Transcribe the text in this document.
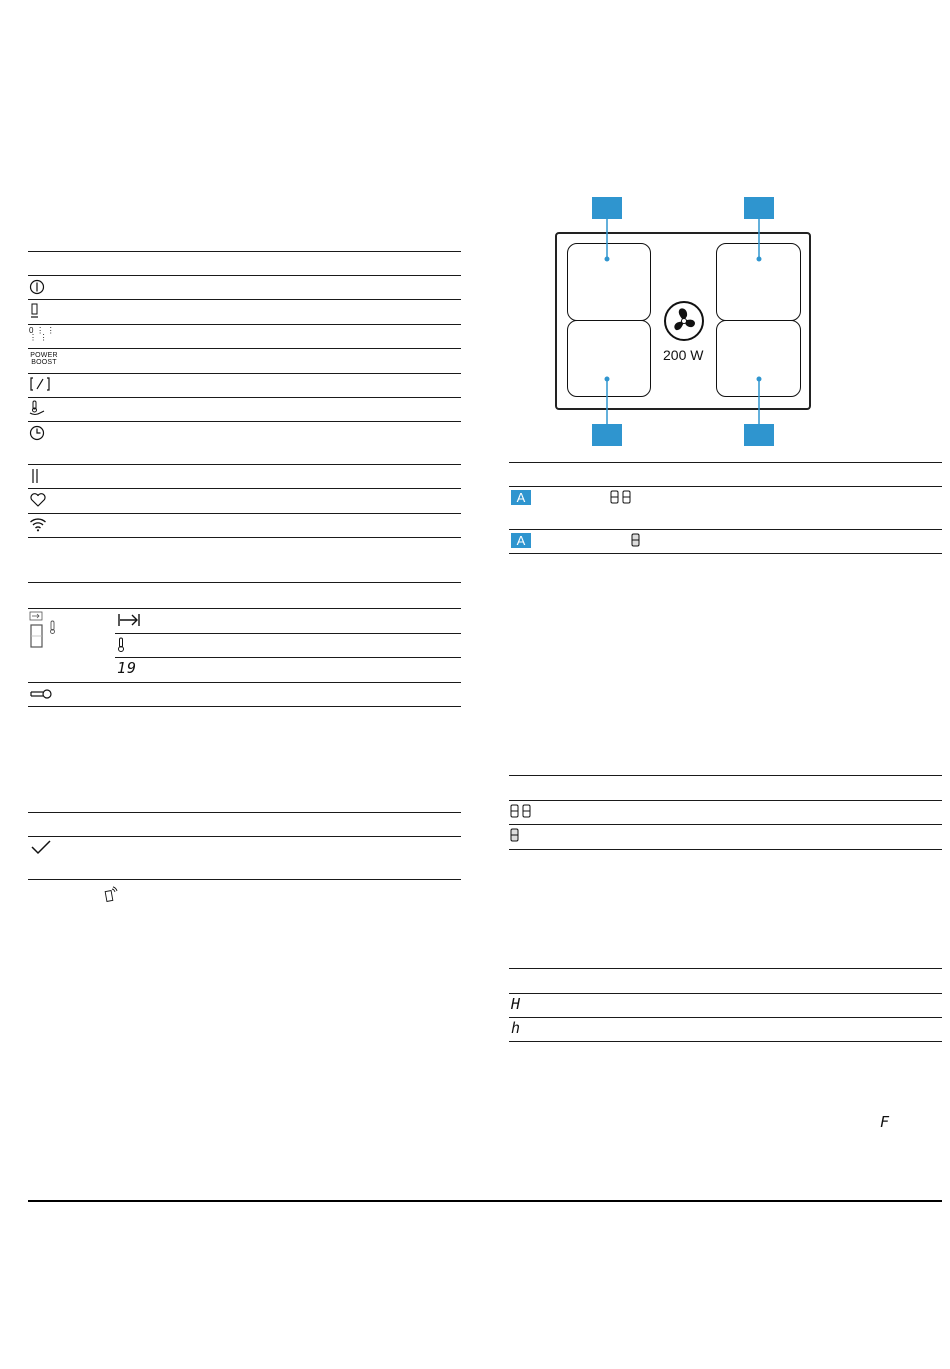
0 ⋮ ⋮ ⋮ ⋮
POWER
BOOST
19
200 W
A
A
H
h
F
